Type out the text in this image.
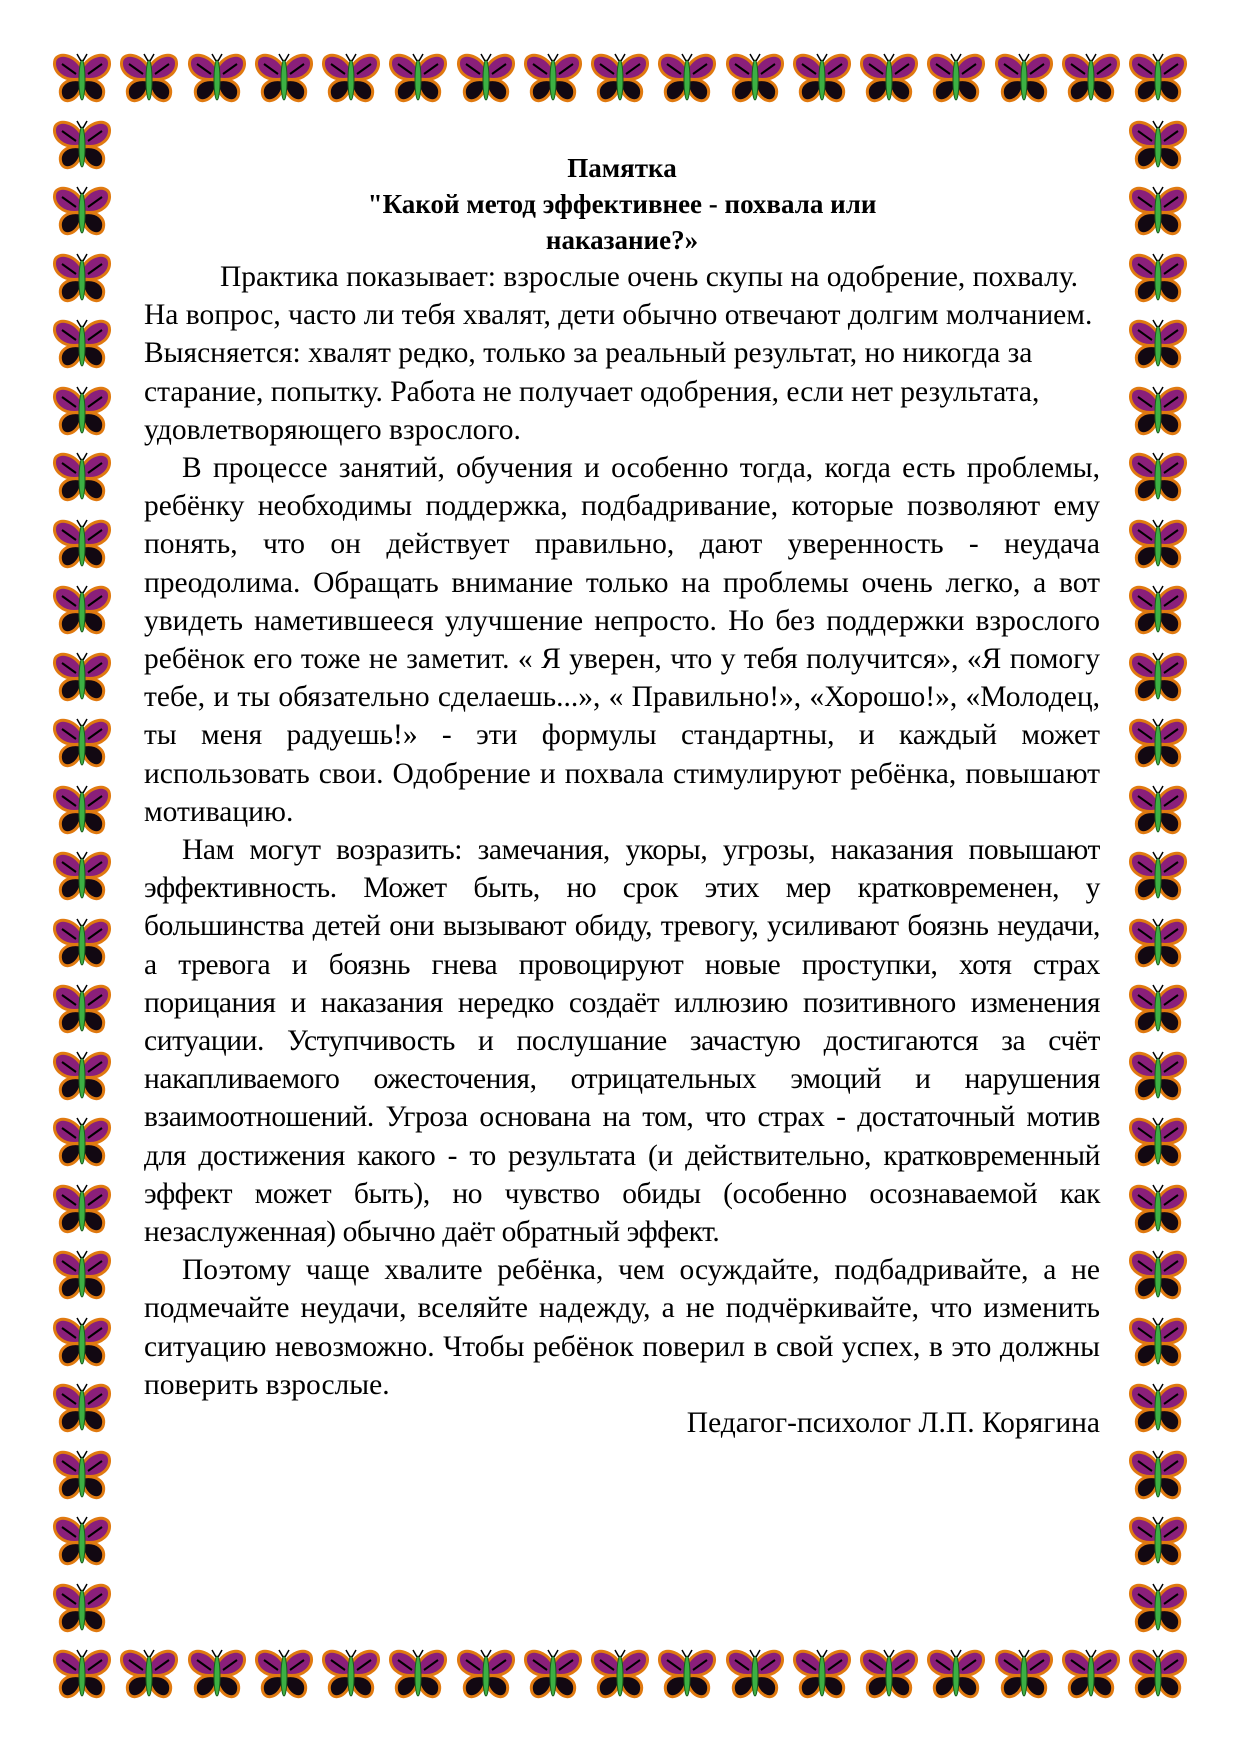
Памятка
"Какой метод эффективнее - похвала или
наказание?»

Практика показывает: взрослые очень скупы на одобрение, похвалу. На вопрос, часто ли тебя хвалят, дети обычно отвечают долгим молчанием. Выясняется: хвалят редко, только за реальный результат, но никогда за старание, попытку. Работа не получает одобрения, если нет результата, удовлетворяющего взрослого.

В процессе занятий, обучения и особенно тогда, когда есть проблемы, ребёнку необходимы поддержка, подбадривание, которые позволяют ему понять, что он действует правильно, дают уверенность - неудача преодолима. Обращать внимание только на проблемы очень легко, а вот увидеть наметившееся улучшение непросто. Но без поддержки взрослого ребёнок его тоже не заметит. « Я уверен, что у тебя получится», «Я помогу тебе, и ты обязательно сделаешь...», « Правильно!», «Хорошо!», «Молодец, ты меня радуешь!» - эти формулы стандартны, и каждый может использовать свои. Одобрение и похвала стимулируют ребёнка, повышают мотивацию.

Нам могут возразить: замечания, укоры, угрозы, наказания повышают эффективность. Может быть, но срок этих мер кратковременен, у большинства детей они вызывают обиду, тревогу, усиливают боязнь неудачи, а тревога и боязнь гнева провоцируют новые проступки, хотя страх порицания и наказания нередко создаёт иллюзию позитивного изменения ситуации. Уступчивость и послушание зачастую достигаются за счёт накапливаемого ожесточения, отрицательных эмоций и нарушения взаимоотношений. Угроза основана на том, что страх - достаточный мотив для достижения какого - то результата (и действительно, кратковременный эффект может быть), но чувство обиды (особенно осознаваемой как незаслуженная) обычно даёт обратный эффект.

Поэтому чаще хвалите ребёнка, чем осуждайте, подбадривайте, а не подмечайте неудачи, вселяйте надежду, а не подчёркивайте, что изменить ситуацию невозможно. Чтобы ребёнок поверил в свой успех, в это должны поверить взрослые.

Педагог-психолог Л.П. Корягина
